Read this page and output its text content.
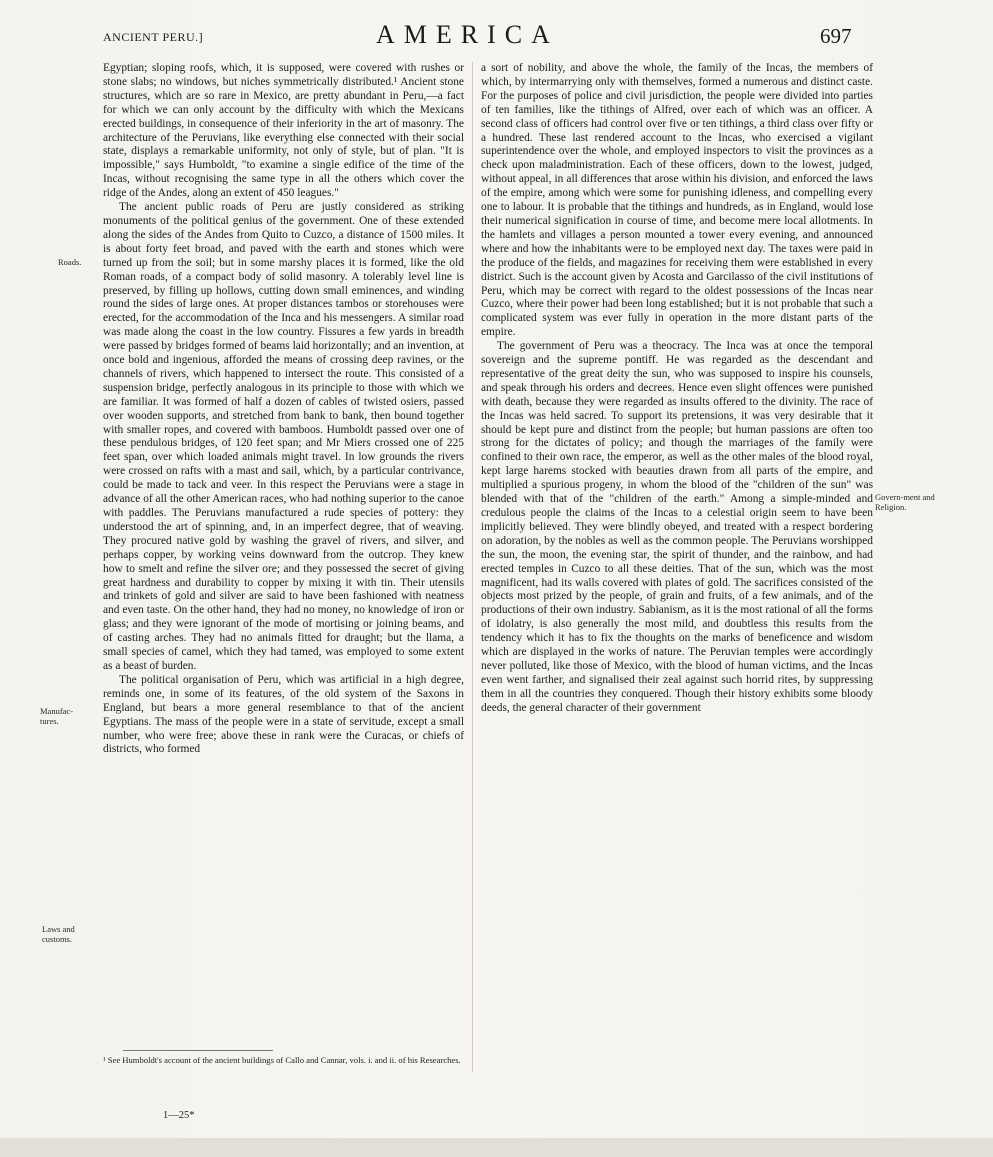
ANCIENT PERU.]	AMERICA	697
Roads.
Manufac-tures.
Laws and customs.
Govern-ment and Religion.

Egyptian; sloping roofs, which, it is supposed, were covered with rushes or stone slabs; no windows, but niches symmetrically distributed.¹ Ancient stone structures, which are so rare in Mexico, are pretty abundant in Peru,—a fact for which we can only account by the difficulty with which the Mexicans erected buildings, in consequence of their inferiority in the art of masonry. The architecture of the Peruvians, like everything else connected with their social state, displays a remarkable uniformity, not only of style, but of plan. "It is impossible," says Humboldt, "to examine a single edifice of the time of the Incas, without recognising the same type in all the others which cover the ridge of the Andes, along an extent of 450 leagues."

The ancient public roads of Peru are justly considered as striking monuments of the political genius of the government. One of these extended along the sides of the Andes from Quito to Cuzco, a distance of 1500 miles. It is about forty feet broad, and paved with the earth and stones which were turned up from the soil; but in some marshy places it is formed, like the old Roman roads, of a compact body of solid masonry. A tolerably level line is preserved, by filling up hollows, cutting down small eminences, and winding round the sides of large ones. At proper distances tambos or storehouses were erected, for the accommodation of the Inca and his messengers. A similar road was made along the coast in the low country. Fissures a few yards in breadth were passed by bridges formed of beams laid horizontally; and an invention, at once bold and ingenious, afforded the means of crossing deep ravines, or the channels of rivers, which happened to intersect the route. This consisted of a suspension bridge, perfectly analogous in its principle to those with which we are familiar. It was formed of half a dozen of cables of twisted osiers, passed over wooden supports, and stretched from bank to bank, then bound together with smaller ropes, and covered with bamboos. Humboldt passed over one of these pendulous bridges, of 120 feet span; and Mr Miers crossed one of 225 feet span, over which loaded animals might travel. In low grounds the rivers were crossed on rafts with a mast and sail, which, by a particular contrivance, could be made to tack and veer. In this respect the Peruvians were a stage in advance of all the other American races, who had nothing superior to the canoe with paddles. The Peruvians manufactured a rude species of pottery: they understood the art of spinning, and, in an imperfect degree, that of weaving. They procured native gold by washing the gravel of rivers, and silver, and perhaps copper, by working veins downward from the outcrop. They knew how to smelt and refine the silver ore; and they possessed the secret of giving great hardness and durability to copper by mixing it with tin. Their utensils and trinkets of gold and silver are said to have been fashioned with neatness and even taste. On the other hand, they had no money, no knowledge of iron or glass; and they were ignorant of the mode of mortising or joining beams, and of casting arches. They had no animals fitted for draught; but the llama, a small species of camel, which they had tamed, was employed to some extent as a beast of burden.

The political organisation of Peru, which was artificial in a high degree, reminds one, in some of its features, of the old system of the Saxons in England, but bears a more general resemblance to that of the ancient Egyptians. The mass of the people were in a state of servitude, except a small number, who were free; above these in rank were the Curacas, or chiefs of districts, who formed

a sort of nobility, and above the whole, the family of the Incas, the members of which, by intermarrying only with themselves, formed a numerous and distinct caste. For the purposes of police and civil jurisdiction, the people were divided into parties of ten families, like the tithings of Alfred, over each of which was an officer. A second class of officers had control over five or ten tithings, a third class over fifty or a hundred. These last rendered account to the Incas, who exercised a vigilant superintendence over the whole, and employed inspectors to visit the provinces as a check upon maladministration. Each of these officers, down to the lowest, judged, without appeal, in all differences that arose within his division, and enforced the laws of the empire, among which were some for punishing idleness, and compelling every one to labour. It is probable that the tithings and hundreds, as in England, would lose their numerical signification in course of time, and become mere local allotments. In the hamlets and villages a person mounted a tower every evening, and announced where and how the inhabitants were to be employed next day. The taxes were paid in the produce of the fields, and magazines for receiving them were established in every district. Such is the account given by Acosta and Garcilasso of the civil institutions of Peru, which may be correct with regard to the oldest possessions of the Incas near Cuzco, where their power had been long established; but it is not probable that such a complicated system was ever fully in operation in the more distant parts of the empire.

The government of Peru was a theocracy. The Inca was at once the temporal sovereign and the supreme pontiff. He was regarded as the descendant and representative of the great deity the sun, who was supposed to inspire his counsels, and speak through his orders and decrees. Hence even slight offences were punished with death, because they were regarded as insults offered to the divinity. The race of the Incas was held sacred. To support its pretensions, it was very desirable that it should be kept pure and distinct from the people; but human passions are often too strong for the dictates of policy; and though the marriages of the family were confined to their own race, the emperor, as well as the other males of the blood royal, kept large harems stocked with beauties drawn from all parts of the empire, and multiplied a spurious progeny, in whom the blood of the "children of the sun" was blended with that of the "children of the earth." Among a simple-minded and credulous people the claims of the Incas to a celestial origin seem to have been implicitly believed. They were blindly obeyed, and treated with a respect bordering on adoration, by the nobles as well as the common people. The Peruvians worshipped the sun, the moon, the evening star, the spirit of thunder, and the rainbow, and had erected temples in Cuzco to all these deities. That of the sun, which was the most magnificent, had its walls covered with plates of gold. The sacrifices consisted of the objects most prized by the people, of grain and fruits, of a few animals, and of the productions of their own industry. Sabianism, as it is the most rational of all the forms of idolatry, is also generally the most mild, and doubtless this results from the tendency which it has to fix the thoughts on the marks of beneficence and wisdom which are displayed in the works of nature. The Peruvian temples were accordingly never polluted, like those of Mexico, with the blood of human victims, and the Incas even went farther, and signalised their zeal against such horrid rites, by suppressing them in all the countries they conquered. Though their history exhibits some bloody deeds, the general character of their government

¹ See Humboldt's account of the ancient buildings of Callo and Cannar, vols. i. and ii. of his Researches.
1—25*
